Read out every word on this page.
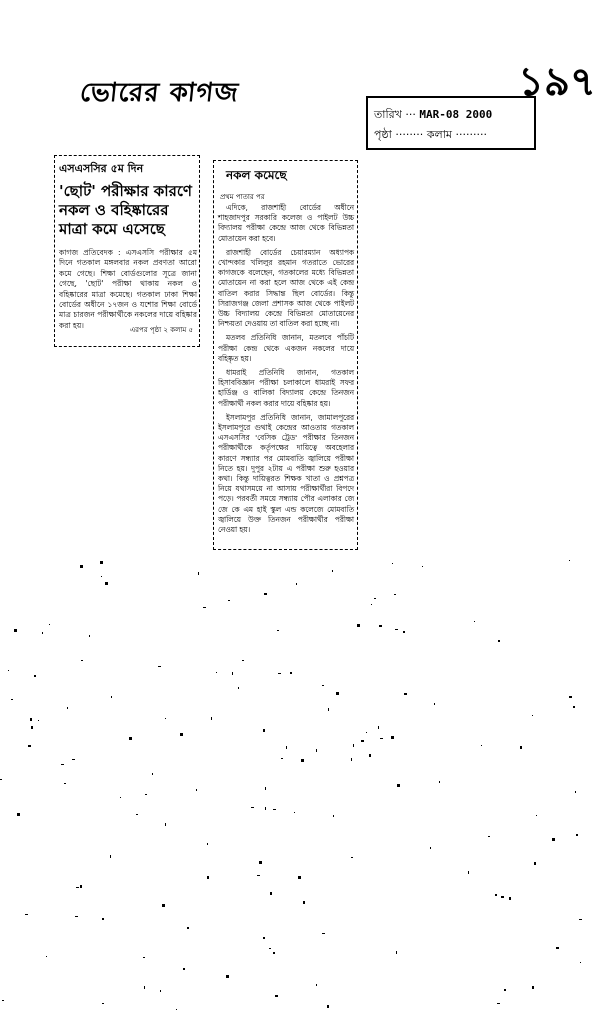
ভোরের কাগজ	১৯৭
তারিখ ··· MAR-08 2000
পৃষ্ঠা ········ কলাম ·········
এসএসসির ৫ম দিন
'ছোট' পরীক্ষার কারণে নকল ও বহিষ্কারের মাত্রা কমে এসেছে
কাগজ প্রতিবেদক : এসএসসি পরীক্ষার ৫ম দিনে গতকাল মঙ্গলবার নকল প্রবণতা আরো কমে গেছে। শিক্ষা বোর্ডগুলোর সূত্রে জানা গেছে, 'ছোট' পরীক্ষা থাকায় নকল ও বহিষ্কারের মাত্রা কমেছে। গতকাল ঢাকা শিক্ষা বোর্ডের অধীনে ১৭জন ও যশোর শিক্ষা বোর্ডে মাত্র চারজন পরীক্ষার্থীকে নকলের দায়ে বহিষ্কার করা হয়।
এরপর পৃষ্ঠা ২ কলাম ৫
নকল কমেছে
প্রথম পাতার পর

এদিকে, রাজশাহী বোর্ডের অধীনে শাহজাদপুর সরকারি কলেজ ও পাইলট উচ্চ বিদ্যালয় পরীক্ষা কেন্দ্রে আজ থেকে বিভিন্নতা মোতায়েন করা হবে।

রাজশাহী বোর্ডের চেয়ারম্যান অধ্যাপক খোন্দকার খলিলুর রহমান গতরাতে ভোরের কাগজকে বলেছেন, গতকালের মধ্যে বিভিন্নতা মোতায়েন না করা হলে আজ থেকে এই কেন্দ্র বাতিল করার সিদ্ধান্ত ছিল বোর্ডের। কিন্তু সিরাজগঞ্জ জেলা প্রশাসক আজ থেকে পাইলট উচ্চ বিদ্যালয় কেন্দ্রে বিভিন্নতা মোতায়েনের নিশ্চয়তা দেওয়ায় তা বাতিল করা হচ্ছে না।

মতলব প্রতিনিধি জানান, মতলবে পাঁচটি পরীক্ষা কেন্দ্র থেকে একজন নকলের দায়ে বহিষ্কৃত হয়।

ধামরাই প্রতিনিধি জানান, গতকাল হিসাববিজ্ঞান পরীক্ষা চলাকালে ধামরাই সফর হার্ডিঞ্জ ও বালিকা বিদ্যালয় কেন্দ্রে তিনজন পরীক্ষার্থী নকল করার দায়ে বহিষ্কার হয়।

ইসলামপুর প্রতিনিধি জানান, জামালপুরের ইসলামপুরে গুথাই কেন্দ্রের আওতায় গতকাল এসএসসির 'বেসিক ট্রেড' পরীক্ষার তিনজন পরীক্ষার্থীকে কর্তৃপক্ষের দায়িত্বে অবহেলার কারণে সন্ধ্যার পর মোমবাতি জ্বালিয়ে পরীক্ষা নিতে হয়। দুপুর ২টায় এ পরীক্ষা শুরু হওয়ার কথা। কিন্তু দায়িত্বরত শিক্ষক খাতা ও প্রশ্নপত্র নিয়ে যথাসময়ে না আসায় পরীক্ষার্থীরা বিপদে পড়ে। পরবর্তী সময়ে সন্ধ্যায় পৌর এলাকার জে জে কে এম হাই স্কুল এন্ড কলেজে মোমবাতি জ্বালিয়ে উক্ত তিনজন পরীক্ষার্থীর পরীক্ষা নেওয়া হয়।
